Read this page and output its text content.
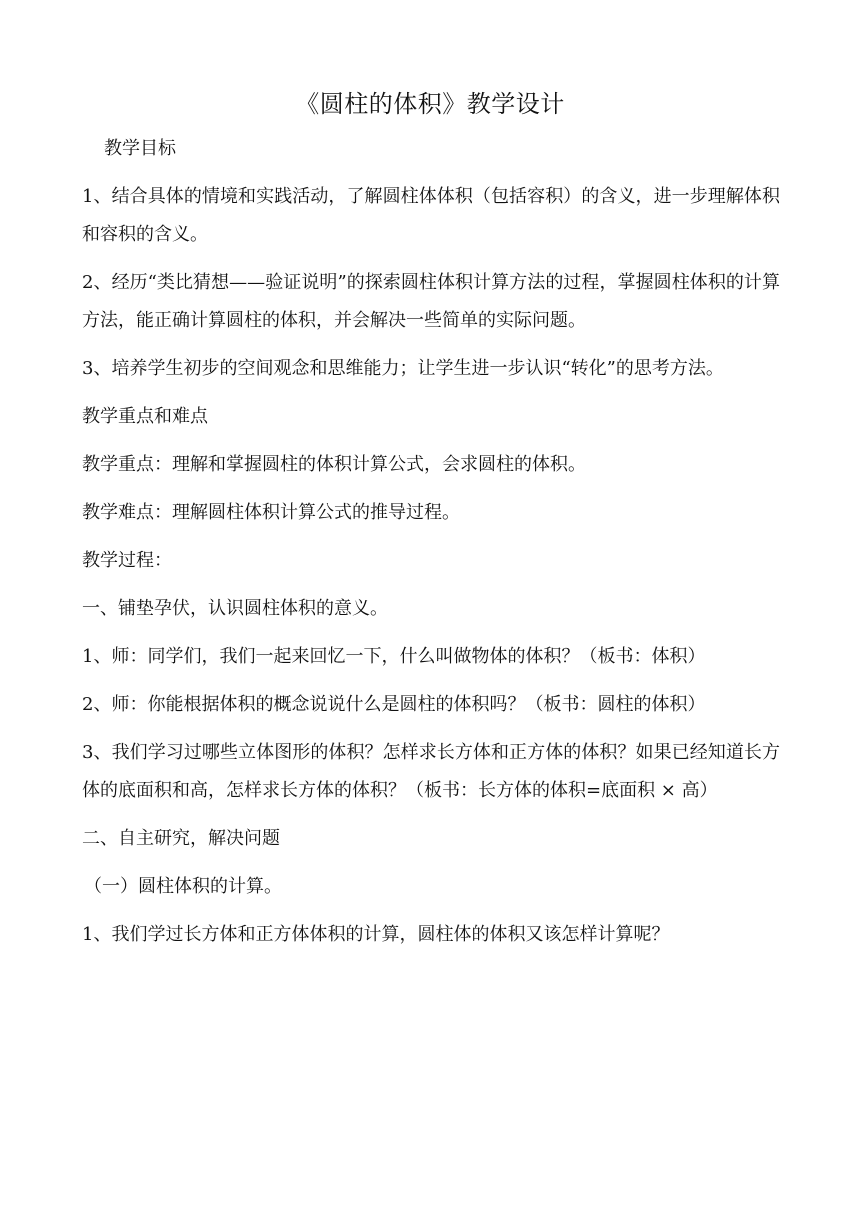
《圆柱的体积》教学设计

教学目标

1、结合具体的情境和实践活动，了解圆柱体体积（包括容积）的含义，进一步理解体积和容积的含义。

2、经历“类比猜想——验证说明”的探索圆柱体积计算方法的过程，掌握圆柱体积的计算方法，能正确计算圆柱的体积，并会解决一些简单的实际问题。

3、培养学生初步的空间观念和思维能力；让学生进一步认识“转化”的思考方法。

教学重点和难点

教学重点：理解和掌握圆柱的体积计算公式，会求圆柱的体积。

教学难点：理解圆柱体积计算公式的推导过程。

教学过程：

一、铺垫孕伏，认识圆柱体积的意义。

1、师：同学们，我们一起来回忆一下，什么叫做物体的体积？（板书：体积）

2、师：你能根据体积的概念说说什么是圆柱的体积吗？（板书：圆柱的体积）

3、我们学习过哪些立体图形的体积？怎样求长方体和正方体的体积？如果已经知道长方体的底面积和高，怎样求长方体的体积？（板书：长方体的体积=底面积 × 高）

二、自主研究，解决问题

（一）圆柱体积的计算。

1、我们学过长方体和正方体体积的计算，圆柱体的体积又该怎样计算呢？
